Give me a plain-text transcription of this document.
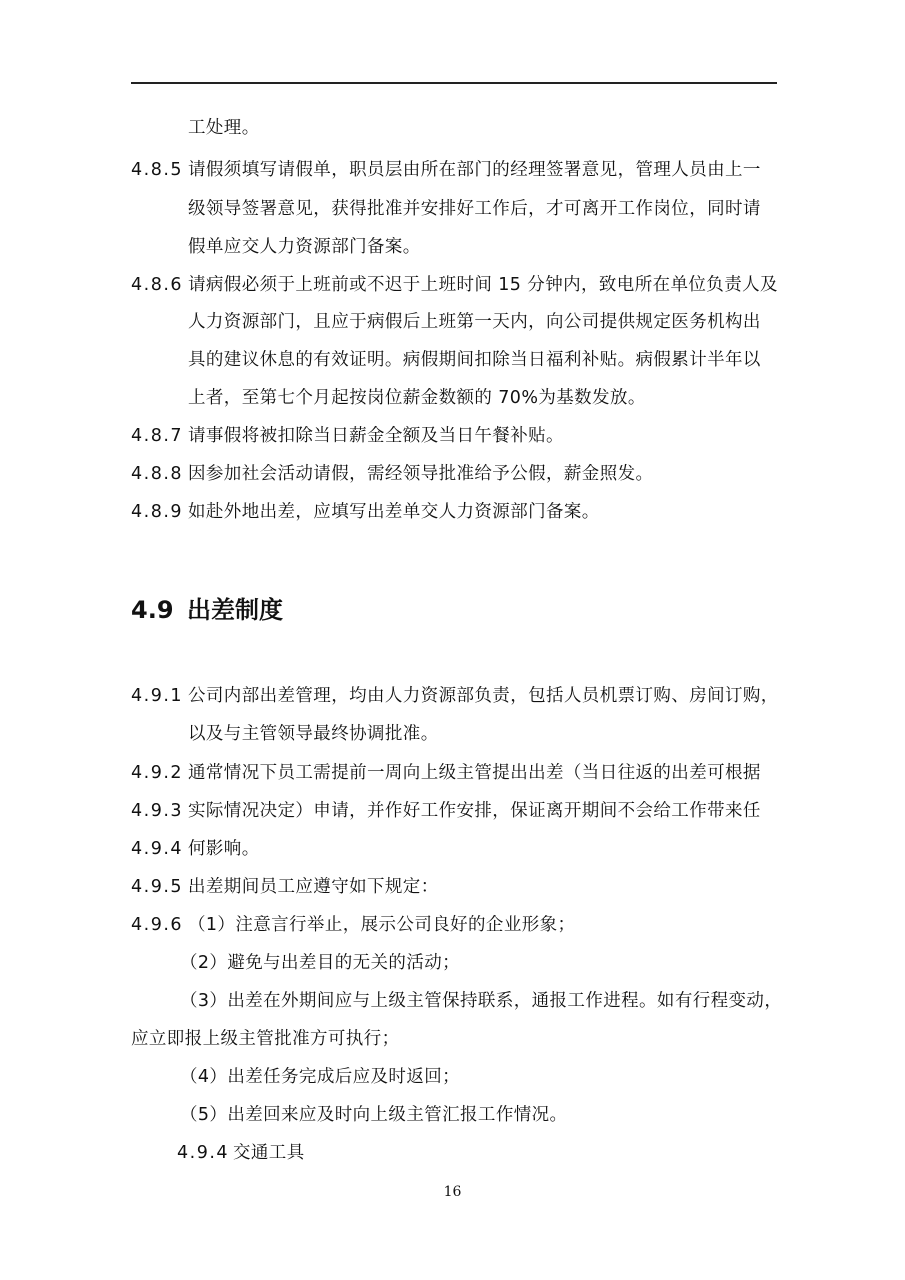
工处理。
4.8.5 请假须填写请假单，职员层由所在部门的经理签署意见，管理人员由上一
级领导签署意见，获得批准并安排好工作后，才可离开工作岗位，同时请
假单应交人力资源部门备案。
4.8.6 请病假必须于上班前或不迟于上班时间 15 分钟内，致电所在单位负责人及
人力资源部门，且应于病假后上班第一天内，向公司提供规定医务机构出
具的建议休息的有效证明。病假期间扣除当日福利补贴。病假累计半年以
上者，至第七个月起按岗位薪金数额的 70%为基数发放。
4.8.7 请事假将被扣除当日薪金全额及当日午餐补贴。
4.8.8 因参加社会活动请假，需经领导批准给予公假，薪金照发。
4.8.9 如赴外地出差，应填写出差单交人力资源部门备案。
4.9 出差制度
4.9.1 公司内部出差管理，均由人力资源部负责，包括人员机票订购、房间订购，
以及与主管领导最终协调批准。
4.9.2 通常情况下员工需提前一周向上级主管提出出差（当日往返的出差可根据
4.9.3 实际情况决定）申请，并作好工作安排，保证离开期间不会给工作带来任
4.9.4 何影响。
4.9.5 出差期间员工应遵守如下规定：
4.9.6 （1）注意言行举止，展示公司良好的企业形象；
（2）避免与出差目的无关的活动；
（3）出差在外期间应与上级主管保持联系，通报工作进程。如有行程变动，
应立即报上级主管批准方可执行；
（4）出差任务完成后应及时返回；
（5）出差回来应及时向上级主管汇报工作情况。
4.9.4 交通工具
16
